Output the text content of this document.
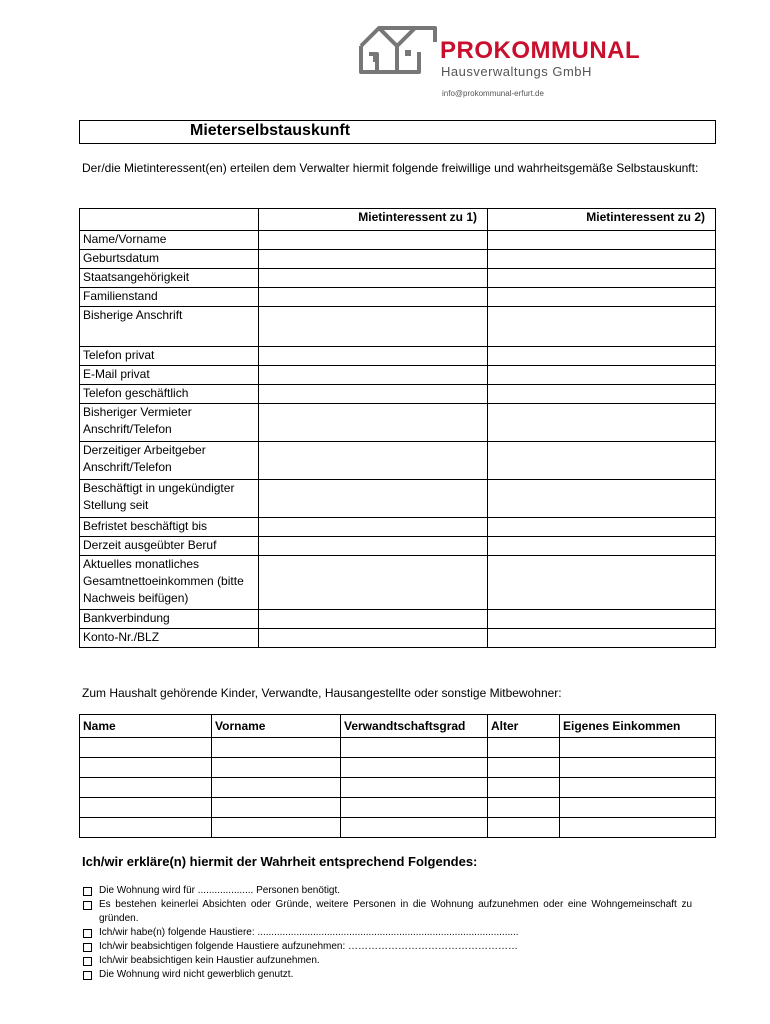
PROKOMMUNAL
Hausverwaltungs GmbH
info@prokommunal-erfurt.de
Mieterselbstauskunft
Der/die Mietinteressent(en) erteilen dem Verwalter hiermit folgende freiwillige und wahrheitsgemäße Selbstauskunft:
	Mietinteressent zu 1)	Mietinteressent zu 2)
Name/Vorname		
Geburtsdatum		
Staatsangehörigkeit		
Familienstand		
Bisherige Anschrift		
Telefon privat		
E-Mail privat		
Telefon geschäftlich		
Bisheriger Vermieter Anschrift/Telefon		
Derzeitiger Arbeitgeber Anschrift/Telefon		
Beschäftigt in ungekündigter Stellung seit		
Befristet beschäftigt bis		
Derzeit ausgeübter Beruf		
Aktuelles monatliches Gesamtnettoeinkommen (bitte Nachweis beifügen)		
Bankverbindung		
Konto-Nr./BLZ		
Zum Haushalt gehörende Kinder, Verwandte, Hausangestellte oder sonstige Mitbewohner:
Name	Vorname	Verwandtschaftsgrad	Alter	Eigenes Einkommen

Ich/wir erkläre(n) hiermit der Wahrheit entsprechend Folgendes:
Die Wohnung wird für .................... Personen benötigt.
Es bestehen keinerlei Absichten oder Gründe, weitere Personen in die Wohnung aufzunehmen oder eine Wohngemeinschaft zu gründen.
Ich/wir habe(n) folgende Haustiere: ..............................................................................................
Ich/wir beabsichtigen folgende Haustiere aufzunehmen: ……………………………………………
Ich/wir beabsichtigen kein Haustier aufzunehmen.
Die Wohnung wird nicht gewerblich genutzt.
